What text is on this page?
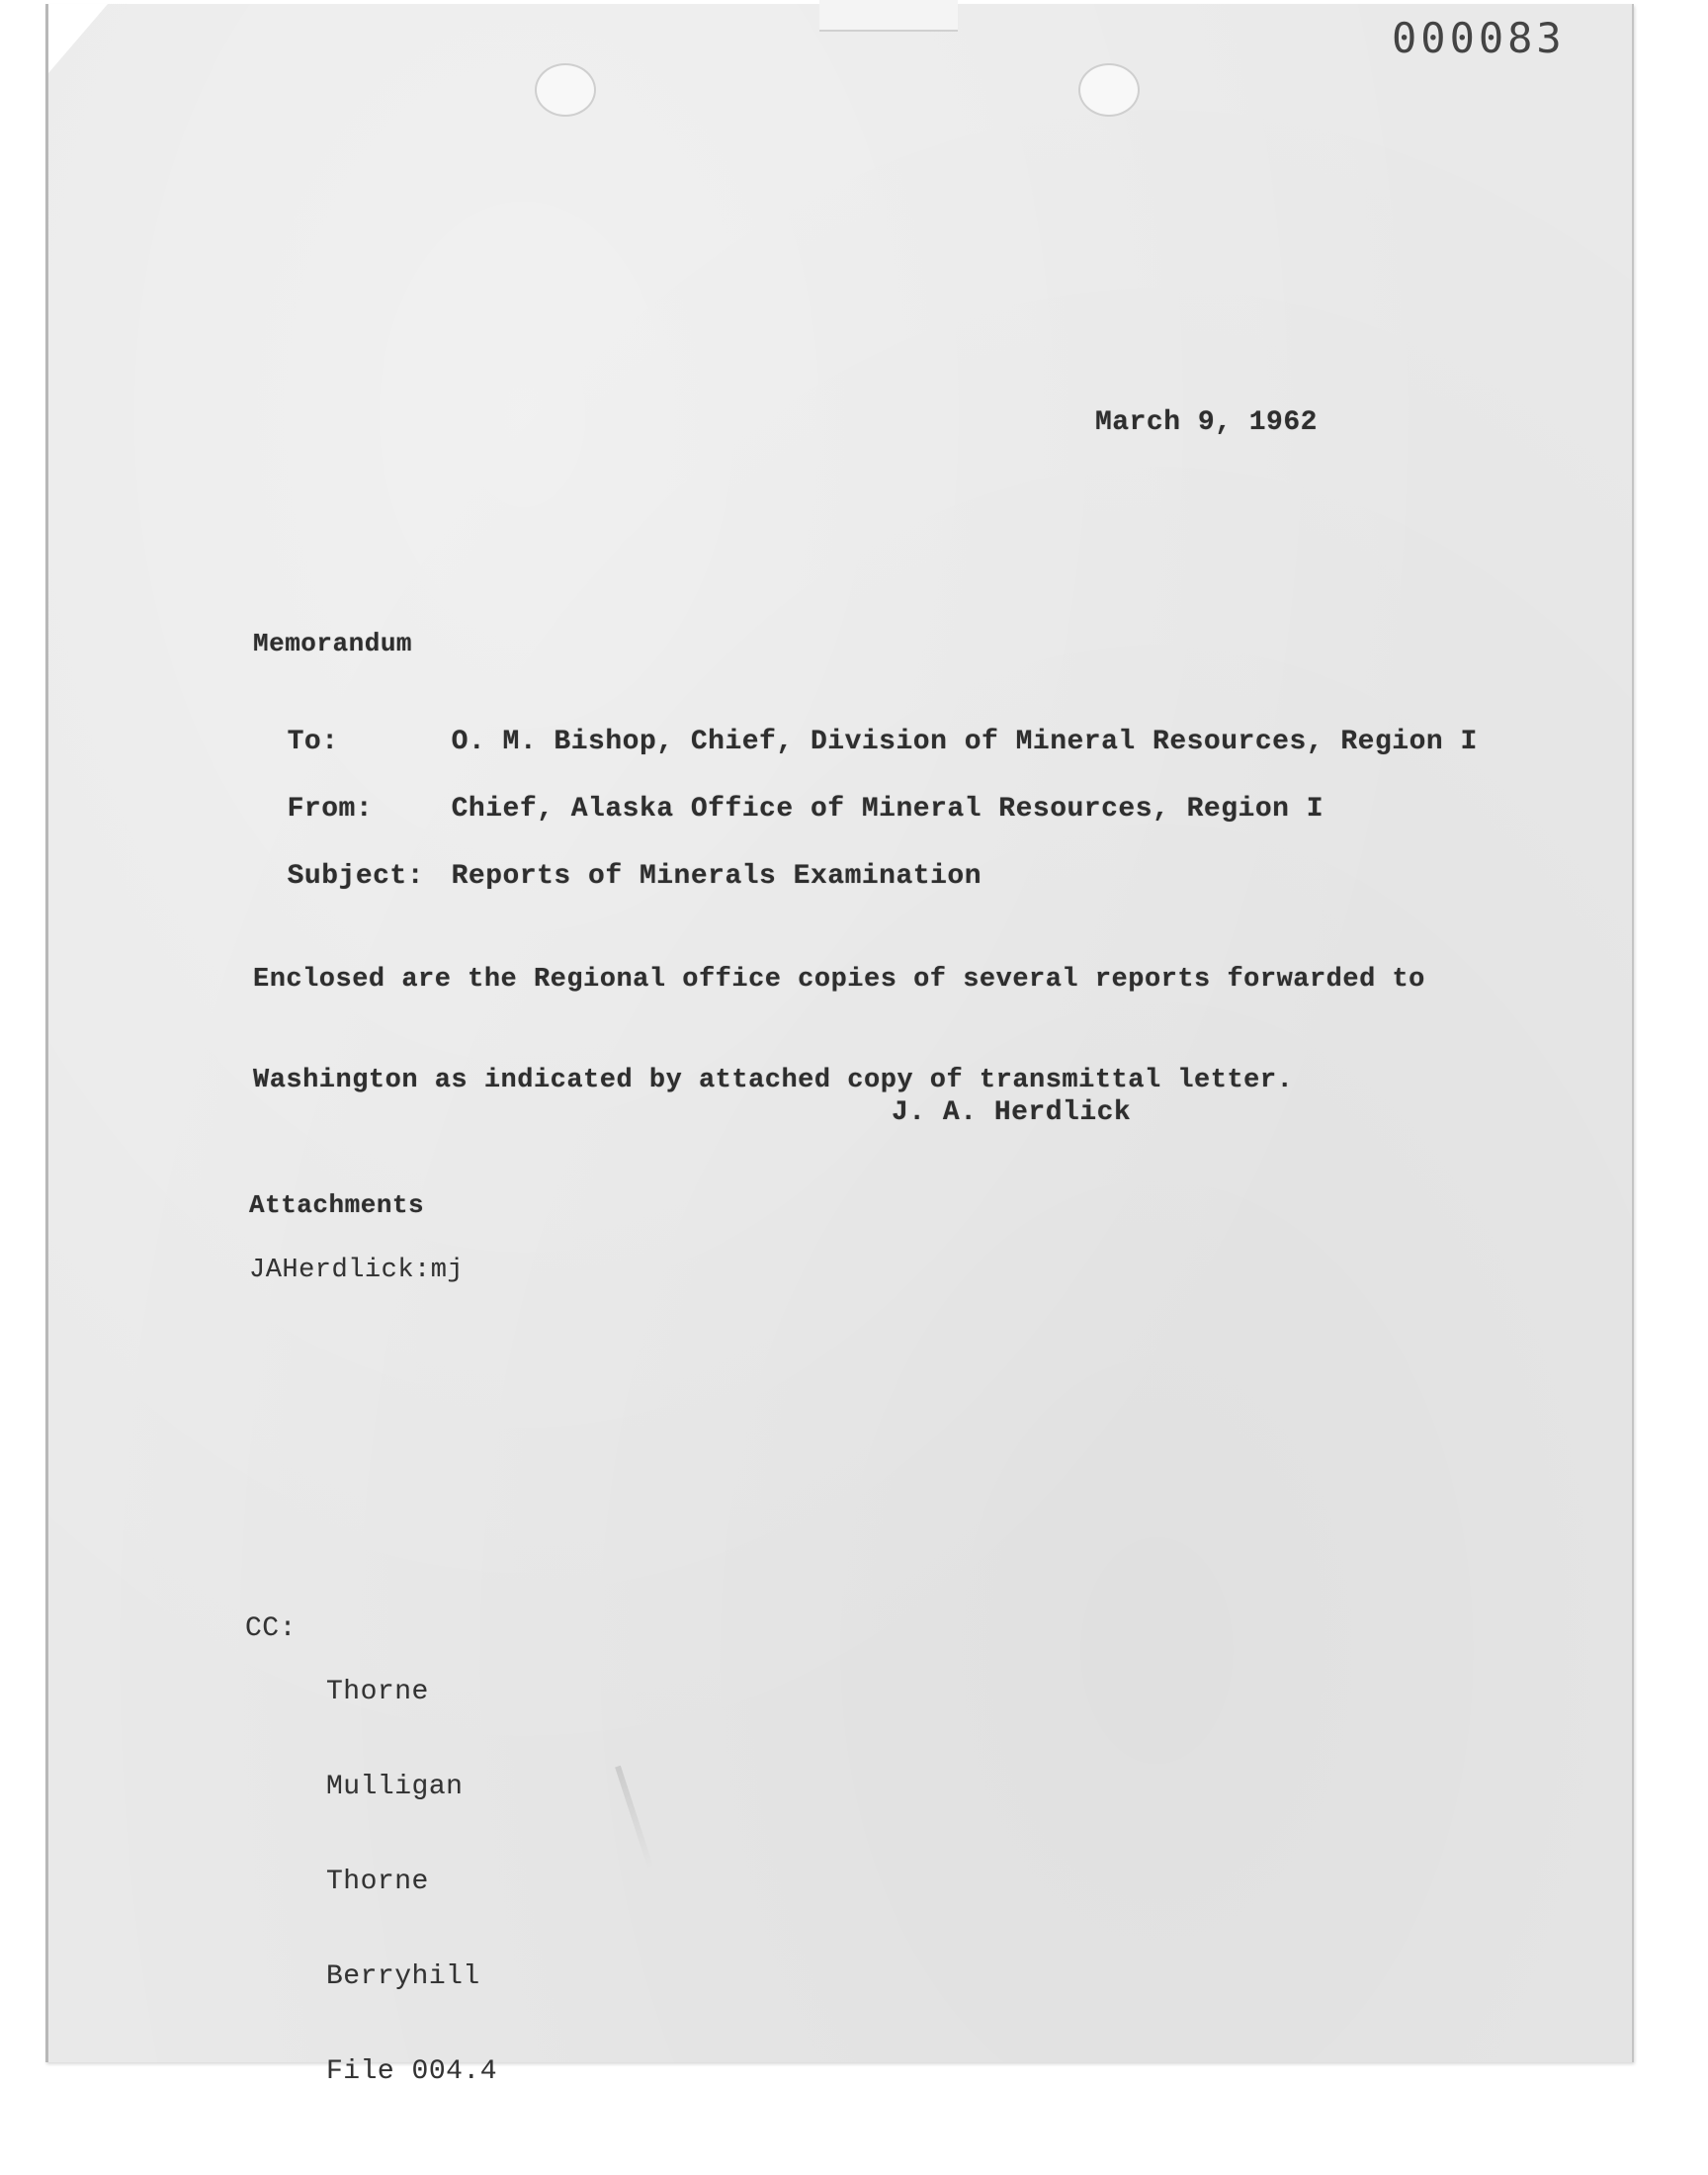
000083
March 9, 1962
Memorandum

To:	O. M. Bishop, Chief, Division of Mineral Resources, Region I

From:	Chief, Alaska Office of Mineral Resources, Region I

Subject: Reports of Minerals Examination

Enclosed are the Regional office copies of several reports forwarded to

Washington as indicated by attached copy of transmittal letter.

J. A. Herdlick
Attachments
JAHerdlick:mj

CC:

Thorne

Mulligan

Thorne

Berryhill

File 004.4
